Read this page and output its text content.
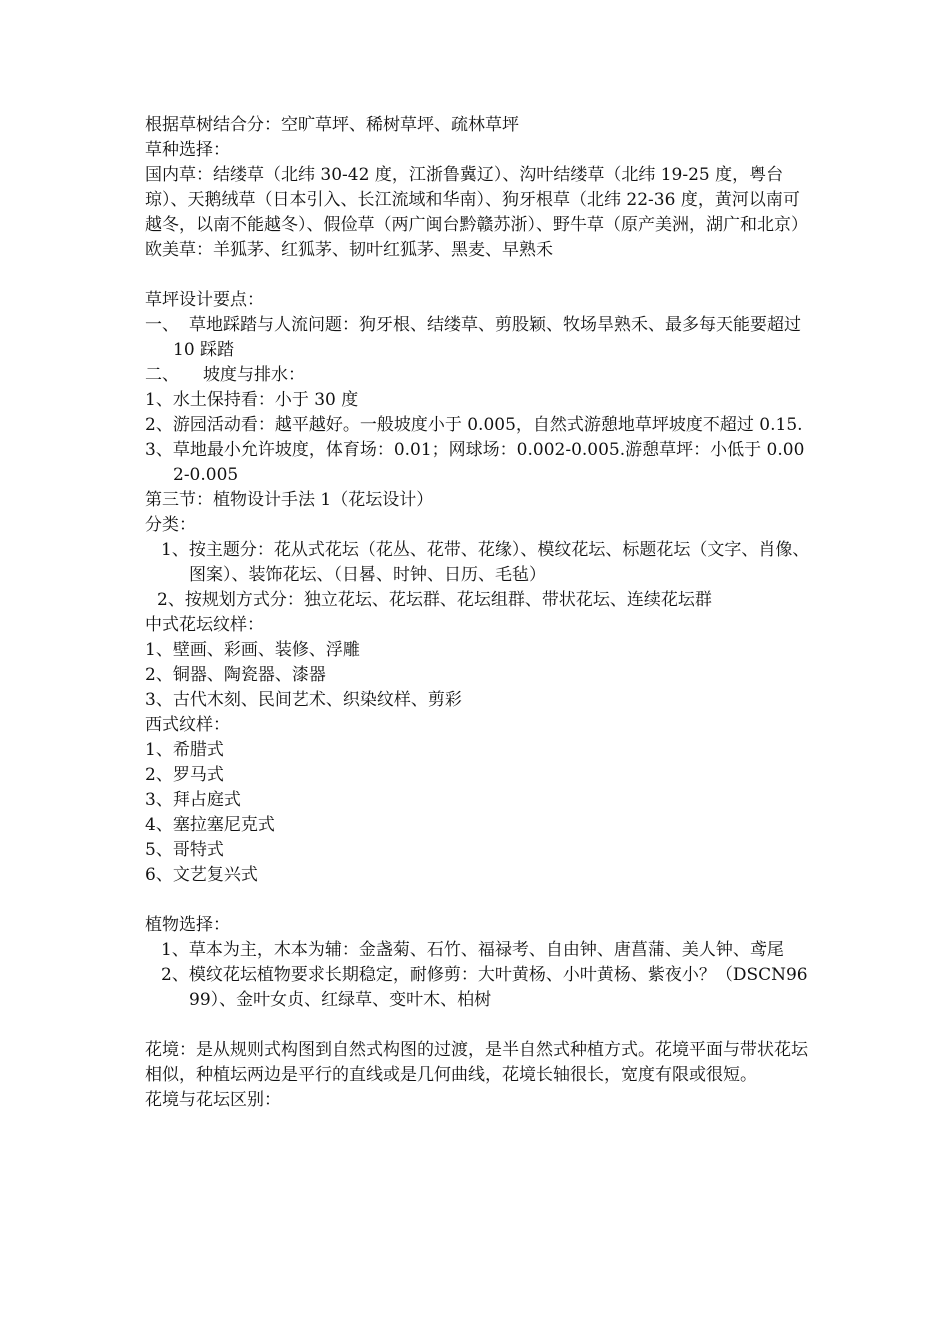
根据草树结合分：空旷草坪、稀树草坪、疏林草坪

草种选择：

国内草：结缕草（北纬 30-42 度，江浙鲁冀辽）、沟叶结缕草（北纬 19-25 度，粤台琼）、天鹅绒草（日本引入、长江流域和华南）、狗牙根草（北纬 22-36 度，黄河以南可越冬，以南不能越冬）、假俭草（两广闽台黔赣苏浙）、野牛草（原产美洲，湖广和北京）

欧美草：羊狐茅、红狐茅、韧叶红狐茅、黑麦、早熟禾

草坪设计要点：

一、 草地踩踏与人流问题：狗牙根、结缕草、剪股颖、牧场旱熟禾、最多每天能要超过 10 踩踏

二、 坡度与排水：

1、水土保持看：小于 30 度

2、游园活动看：越平越好。一般坡度小于 0.005，自然式游憩地草坪坡度不超过 0.15.

3、草地最小允许坡度，体育场：0.01；网球场：0.002-0.005.游憩草坪：小低于 0.002-0.005

第三节：植物设计手法 1（花坛设计）

分类：

1、按主题分：花从式花坛（花丛、花带、花缘）、模纹花坛、标题花坛（文字、肖像、图案）、装饰花坛、（日晷、时钟、日历、毛毡）

2、按规划方式分：独立花坛、花坛群、花坛组群、带状花坛、连续花坛群

中式花坛纹样：

1、壁画、彩画、装修、浮雕

2、铜器、陶瓷器、漆器

3、古代木刻、民间艺术、织染纹样、剪彩

西式纹样：

1、希腊式

2、罗马式

3、拜占庭式

4、塞拉塞尼克式

5、哥特式

6、文艺复兴式

植物选择：

1、草本为主，木本为辅：金盏菊、石竹、福禄考、自由钟、唐菖蒲、美人钟、鸢尾

2、模纹花坛植物要求长期稳定，耐修剪：大叶黄杨、小叶黄杨、紫夜小？（DSCN9699）、金叶女贞、红绿草、变叶木、柏树

花境：是从规则式构图到自然式构图的过渡，是半自然式种植方式。花境平面与带状花坛相似，种植坛两边是平行的直线或是几何曲线，花境长轴很长，宽度有限或很短。

花境与花坛区别：
